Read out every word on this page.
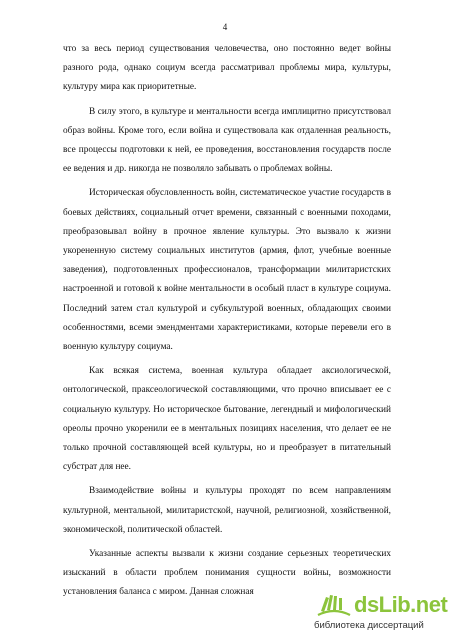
4

что за весь период существования человечества, оно постоянно ведет войны разного рода, однако социум всегда рассматривал проблемы мира, культуры, культуру мира как приоритетные.

В силу этого, в культуре и ментальности всегда имплицитно присутствовал образ войны. Кроме того, если война и существовала как отдаленная реальность, все процессы подготовки к ней, ее проведения, восстановления государств после ее ведения и др. никогда не позволяло забывать о проблемах войны.

Историческая обусловленность войн, систематическое участие государств в боевых действиях, социальный отчет времени, связанный с военными походами, преобразовывал войну в прочное явление культуры. Это вызвало к жизни укорененную систему социальных институтов (армия, флот, учебные военные заведения), подготовленных профессионалов, трансформации милитаристских настроенной и готовой к войне ментальности в особый пласт в культуре социума. Последний затем стал культурой и субкультурой военных, обладающих своими особенностями, всеми эмендментами характеристиками, которые перевели его в военную культуру социума.

Как всякая система, военная культура обладает аксиологической, онтологической, праксеологической составляющими, что прочно вписывает ее с социальную культуру. Но историческое бытование, легендный и мифологический ореолы прочно укоренили ее в ментальных позициях населения, что делает ее не только прочной составляющей всей культуры, но и преобразует в питательный субстрат для нее.

Взаимодействие войны и культуры проходят по всем направлениям культурной, ментальной, милитаристской, научной, религиозной, хозяйственной, экономической, политической областей.

Указанные аспекты вызвали к жизни создание серьезных теоретических изысканий в области проблем понимания сущности войны, возможности установления баланса с миром. Данная сложная	dsLib.net
библиотека диссертаций
